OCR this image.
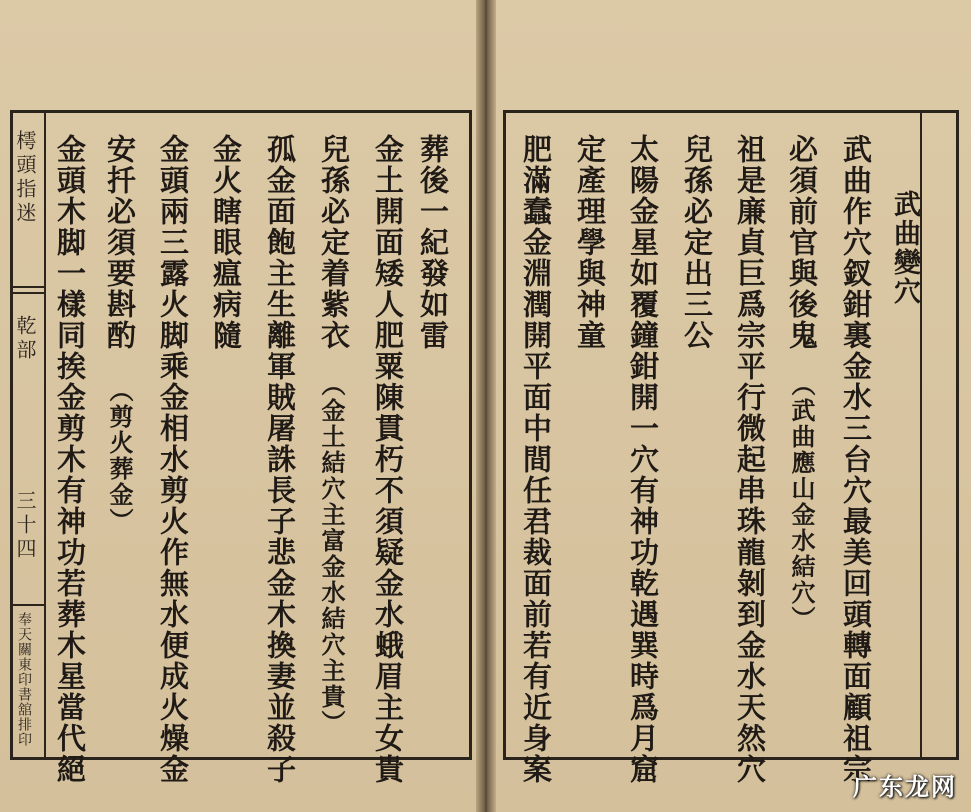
樗頭指迷
乾部
三十四
奉天關東印書舘排印
葬後一紀發如雷
金土開面矮人肥粟陳貫朽不須疑金水蛾眉主女貴
兒孫必定着紫衣
（金土結穴主富金水結穴主貴）
孤金面飽主生離軍賊屠誅長子悲金木換妻並殺子
金火瞎眼瘟病隨
金頭兩三露火脚乘金相水剪火作無水便成火燥金
安扦必須要斟酌
（剪火葬金）
金頭木脚一樣同挨金剪木有神功若葬木星當代絕	武曲變穴
武曲作穴釵鉗裏金水三台穴最美回頭轉面顧祖宗
必須前官與後鬼
（武曲應山金水結穴）
祖是廉貞巨爲宗平行微起串珠龍剝到金水天然穴
兒孫必定出三公
太陽金星如覆鐘鉗開一穴有神功乾遇巽時爲月窟
定產理學與神童
肥滿蠢金淵潤開平面中間任君裁面前若有近身案
广东龙网
